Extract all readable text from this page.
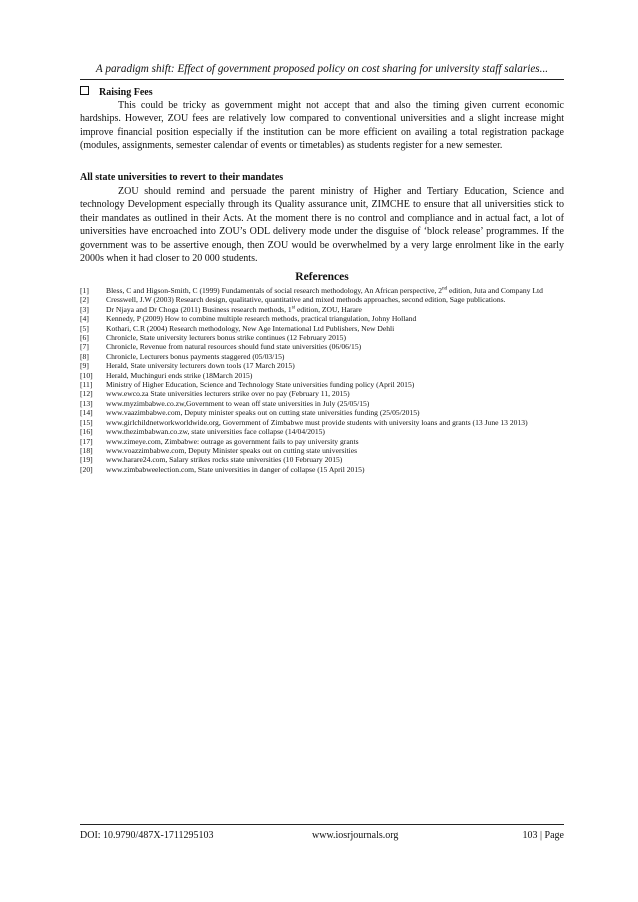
A paradigm shift: Effect of government proposed policy on cost sharing for university staff salaries...
Raising Fees
This could be tricky as government might not accept that and also the timing given current economic hardships. However, ZOU fees are relatively low compared to conventional universities and a slight increase might improve financial position especially if the institution can be more efficient on availing a total registration package (modules, assignments, semester calendar of events or timetables) as students register for a new semester.
All state universities to revert to their mandates
ZOU should remind and persuade the parent ministry of Higher and Tertiary Education, Science and technology Development especially through its Quality assurance unit, ZIMCHE to ensure that all universities stick to their mandates as outlined in their Acts. At the moment there is no control and compliance and in actual fact, a lot of universities have encroached into ZOU’s ODL delivery mode under the disguise of ‘block release’ programmes. If the government was to be assertive enough, then ZOU would be overwhelmed by a very large enrolment like in the early 2000s when it had closer to 20 000 students.
References
[1]	Bless, C and Higson-Smith, C (1999) Fundamentals of social research methodology, An African perspective, 2nd edition, Juta and Company Ltd
[2]	Cresswell, J.W (2003) Research design, qualitative, quantitative and mixed methods approaches, second edition, Sage publications.
[3]	Dr Njaya and Dr Choga (2011) Business research methods, 1st edition, ZOU, Harare
[4]	Kennedy, P (2009) How to combine multiple research methods, practical triangulation, Johny Holland
[5]	Kothari, C.R (2004) Research methodology, New Age International Ltd Publishers, New Dehli
[6]	Chronicle, State university lecturers bonus strike continues (12 February 2015)
[7]	Chronicle, Revenue from natural resources should fund state universities (06/06/15)
[8]	Chronicle, Lecturers bonus payments staggered (05/03/15)
[9]	Herald, State university lecturers down tools (17 March 2015)
[10]	Herald, Muchinguri ends strike (18March 2015)
[11]	Ministry of Higher Education, Science and Technology State universities funding policy (April 2015)
[12]	www.ewco.za State universities lecturers strike over no pay (February 11, 2015)
[13]	www.myzimbabwe.co.zw,Government to wean off state universities in July (25/05/15)
[14]	www.vaazimbabwe.com, Deputy minister speaks out on cutting state universities funding (25/05/2015)
[15]	www.girlchildnetworkworldwide.org, Government of Zimbabwe must provide students with university loans and grants (13 June 13 2013)
[16]	www.thezimbabwan.co.zw, state universities face collapse (14/04/2015)
[17]	www.zimeye.com, Zimbabwe: outrage as government fails to pay university grants
[18]	www.voazzimbabwe.com, Deputy Minister speaks out on cutting state universities
[19]	www.harare24.com, Salary strikes rocks state universities (10 February 2015)
[20]	www.zimbabweelection.com, State universities in danger of collapse (15 April 2015)
DOI: 10.9790/487X-1711295103	www.iosrjournals.org	103 | Page
